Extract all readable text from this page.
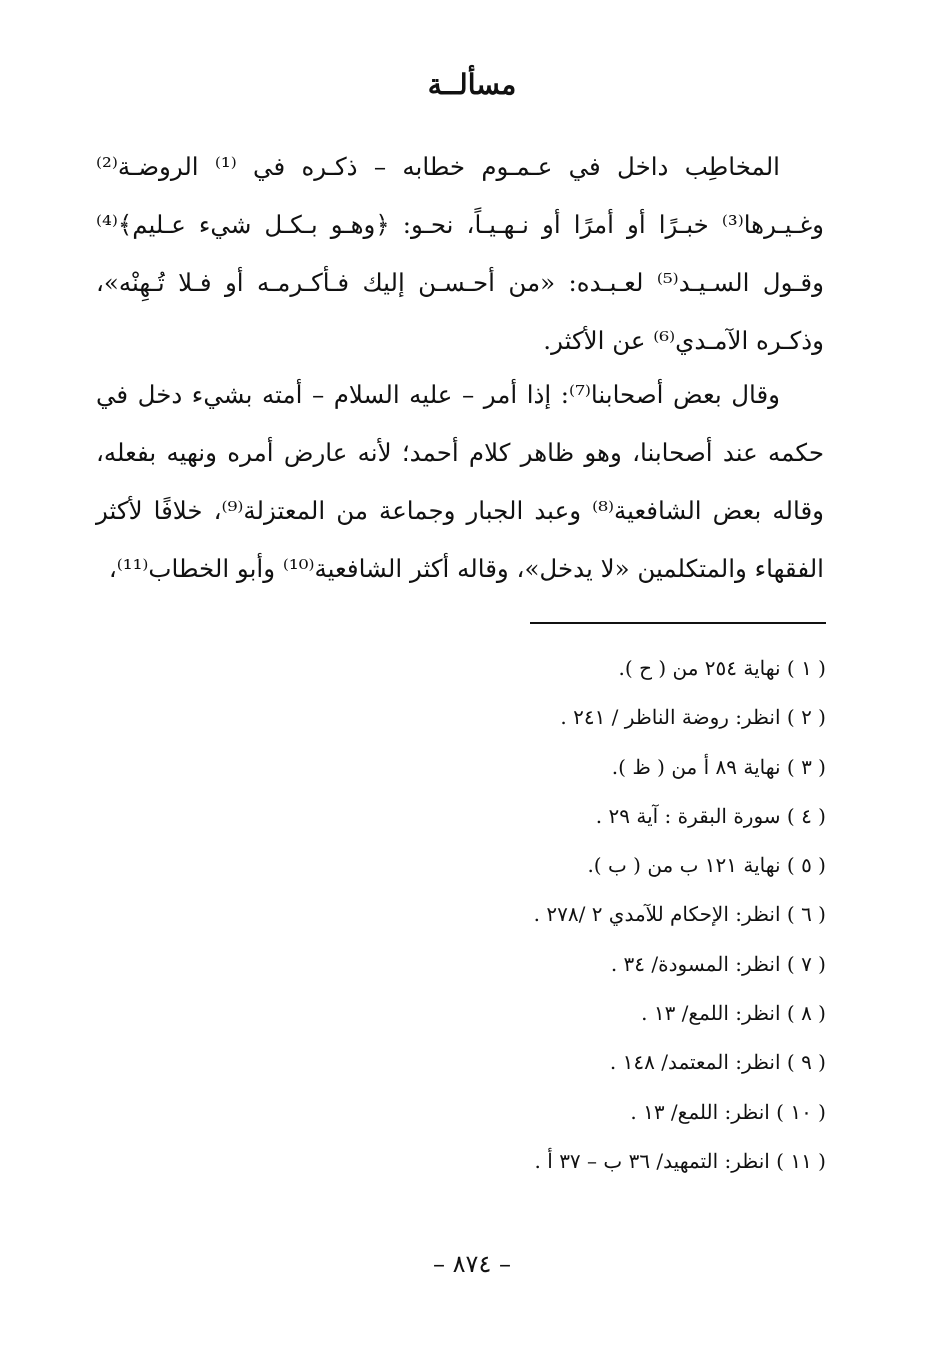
مسألــة
المخاطِب داخل في عـمـوم خطابه – ذكـره في ⁽¹⁾ الروضـة⁽²⁾ وغـيـرها⁽³⁾ خبـرًا أو أمرًا أو نـهـيـاً، نحـو: ﴿وهـو بـكـل شيء عـليم﴾⁽⁴⁾ وقـول السـيـد⁽⁵⁾ لعـبـده: «من أحـسـن إليك فـأكـرمـه أو فـلا تُـهِنْه»، وذكـره الآمـدي⁽⁶⁾ عن الأكثر.
وقال بعض أصحابنا⁽⁷⁾: إذا أمر – عليه السلام – أمته بشيء دخل في حكمه عند أصحابنا، وهو ظاهر كلام أحمد؛ لأنه عارض أمره ونهيه بفعله، وقاله بعض الشافعية⁽⁸⁾ وعبد الجبار وجماعة من المعتزلة⁽⁹⁾، خلافًا لأكثر الفقهاء والمتكلمين «لا يدخل»، وقاله أكثر الشافعية⁽¹⁰⁾ وأبو الخطاب⁽¹¹⁾،
( ١ ) نهاية ٢٥٤ من ( ح ).
( ٢ ) انظر: روضة الناظر / ٢٤١ .
( ٣ ) نهاية ٨٩ أ من ( ظ ).
( ٤ ) سورة البقرة : آية ٢٩ .
( ٥ ) نهاية ١٢١ ب من ( ب ).
( ٦ ) انظر: الإحكام للآمدي ٢ /٢٧٨ .
( ٧ ) انظر: المسودة/ ٣٤ .
( ٨ ) انظر: اللمع/ ١٣ .
( ٩ ) انظر: المعتمد/ ١٤٨ .
( ١٠ ) انظر: اللمع/ ١٣ .
( ١١ ) انظر: التمهيد/ ٣٦ ب – ٣٧ أ .
– ٨٧٤ –
